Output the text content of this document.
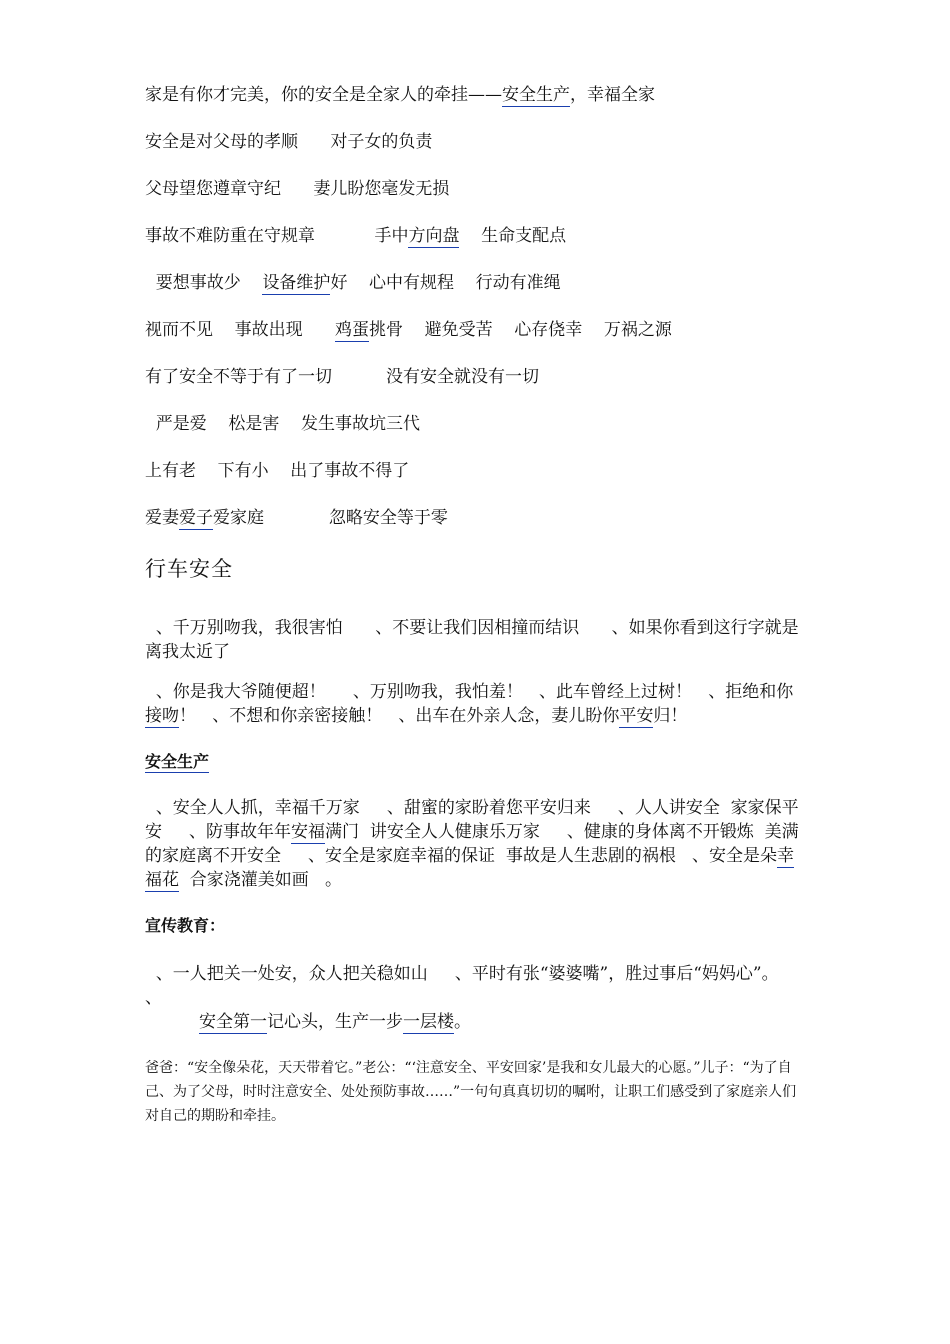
家是有你才完美，你的安全是全家人的牵挂——安全生产，幸福全家
安全是对父母的孝顺      对子女的负责
父母望您遵章守纪      妻儿盼您毫发无损
事故不难防重在守规章           手中方向盘    生命支配点
要想事故少    设备维护好    心中有规程    行动有准绳
视而不见    事故出现      鸡蛋挑骨    避免受苦    心存侥幸    万祸之源
有了安全不等于有了一切          没有安全就没有一切
严是爱    松是害    发生事故坑三代
上有老    下有小    出了事故不得了
爱妻爱子爱家庭            忽略安全等于零
行车安全
、千万别吻我，我很害怕      、不要让我们因相撞而结识      、如果你看到这行字就是离我太近了
、你是我大爷随便超！     、万别吻我，我怕羞！   、此车曾经上过树！   、拒绝和你接吻！   、不想和你亲密接触！   、出车在外亲人念，妻儿盼你平安归！
安全生产
、安全人人抓，幸福千万家     、甜蜜的家盼着您平安归来     、人人讲安全  家家保平安     、防事故年年安福满门  讲安全人人健康乐万家     、健康的身体离不开锻炼  美满的家庭离不开安全     、安全是家庭幸福的保证  事故是人生悲剧的祸根   、安全是朵幸福花  合家浇灌美如画   。
宣传教育：
、一人把关一处安，众人把关稳如山     、平时有张“婆婆嘴”，胜过事后“妈妈心”。     、
安全第一记心头，生产一步一层楼。
爸爸：“安全像朵花，天天带着它。”老公：“‘注意安全、平安回家’是我和女儿最大的心愿。”儿子：“为了自己、为了父母，时时注意安全、处处预防事故……”一句句真真切切的嘱咐，让职工们感受到了家庭亲人们对自己的期盼和牵挂。
